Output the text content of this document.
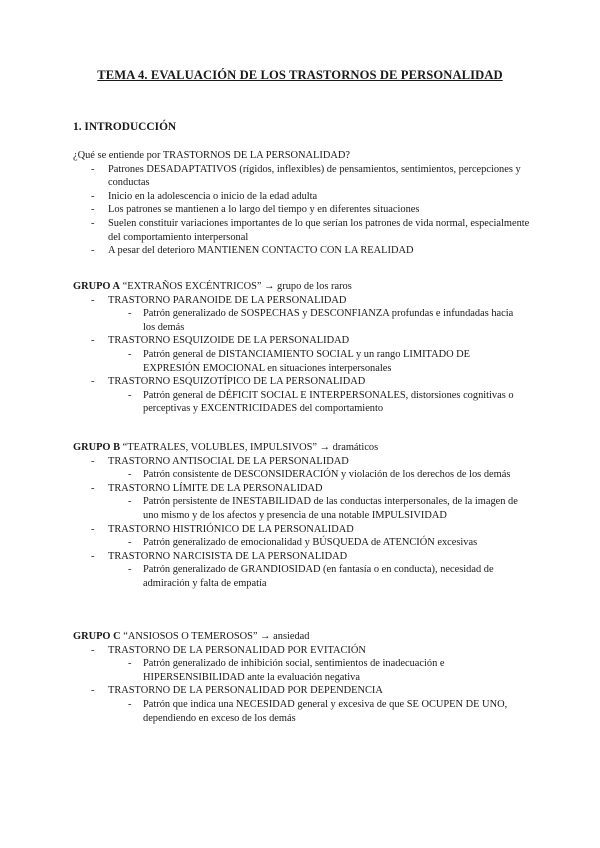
TEMA 4. EVALUACIÓN DE LOS TRASTORNOS DE PERSONALIDAD
1. INTRODUCCIÓN

¿Qué se entiende por TRASTORNOS DE LA PERSONALIDAD?

- Patrones DESADAPTATIVOS (rígidos, inflexibles) de pensamientos, sentimientos, percepciones y conductas
- Inicio en la adolescencia o inicio de la edad adulta
- Los patrones se mantienen a lo largo del tiempo y en diferentes situaciones
- Suelen constituir variaciones importantes de lo que serían los patrones de vida normal, especialmente del comportamiento interpersonal
- A pesar del deterioro MANTIENEN CONTACTO CON LA REALIDAD

GRUPO A “EXTRAÑOS EXCÉNTRICOS” → grupo de los raros

- TRASTORNO PARANOIDE DE LA PERSONALIDAD
- Patrón generalizado de SOSPECHAS y DESCONFIANZA profundas e infundadas hacia los demás
- TRASTORNO ESQUIZOIDE DE LA PERSONALIDAD
- Patrón general de DISTANCIAMIENTO SOCIAL y un rango LIMITADO DE EXPRESIÓN EMOCIONAL en situaciones interpersonales
- TRASTORNO ESQUIZOTÍPICO DE LA PERSONALIDAD
- Patrón general de DÉFICIT SOCIAL E INTERPERSONALES, distorsiones cognitivas o perceptivas y EXCENTRICIDADES del comportamiento

GRUPO B “TEATRALES, VOLUBLES, IMPULSIVOS” → dramáticos

- TRASTORNO ANTISOCIAL DE LA PERSONALIDAD
- Patrón consistente de DESCONSIDERACIÓN y violación de los derechos de los demás
- TRASTORNO LÍMITE DE LA PERSONALIDAD
- Patrón persistente de INESTABILIDAD de las conductas interpersonales, de la imagen de uno mismo y de los afectos y presencia de una notable IMPULSIVIDAD
- TRASTORNO HISTRIÓNICO DE LA PERSONALIDAD
- Patrón generalizado de emocionalidad y BÚSQUEDA de ATENCIÓN excesivas
- TRASTORNO NARCISISTA DE LA PERSONALIDAD
- Patrón generalizado de GRANDIOSIDAD (en fantasía o en conducta), necesidad de admiración y falta de empatía

GRUPO C “ANSIOSOS O TEMEROSOS” → ansiedad

- TRASTORNO DE LA PERSONALIDAD POR EVITACIÓN
- Patrón generalizado de inhibición social, sentimientos de inadecuación e HIPERSENSIBILIDAD ante la evaluación negativa
- TRASTORNO DE LA PERSONALIDAD POR DEPENDENCIA
- Patrón que indica una NECESIDAD general y excesiva de que SE OCUPEN DE UNO, dependiendo en exceso de los demás
